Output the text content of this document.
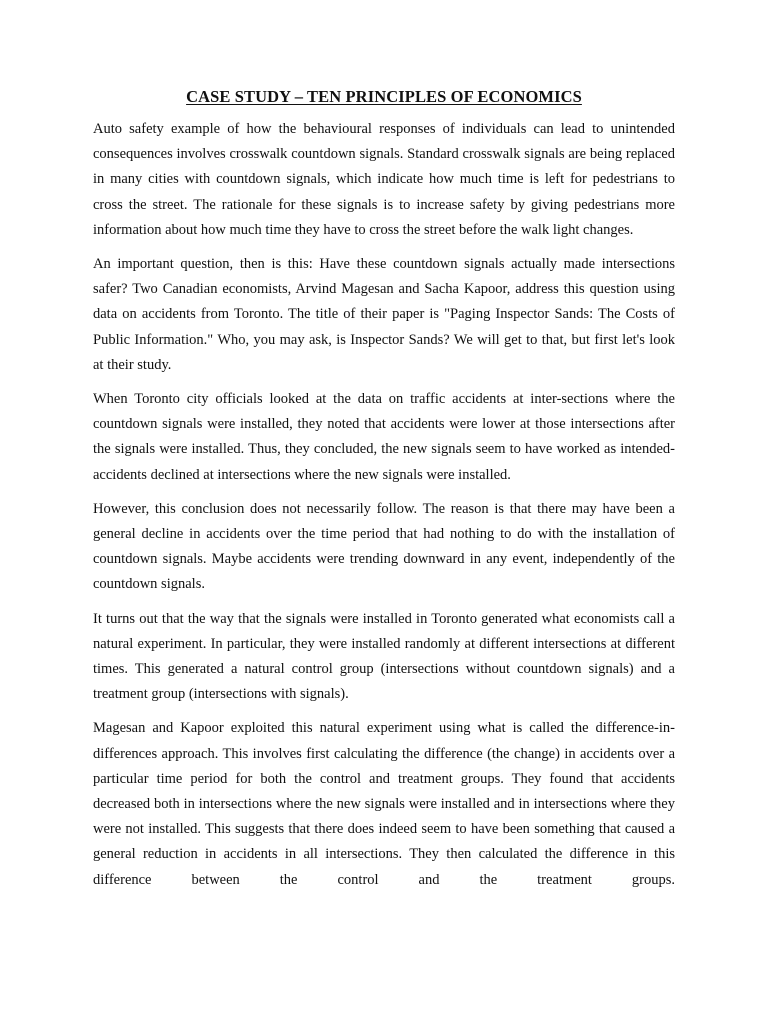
CASE STUDY – TEN PRINCIPLES OF ECONOMICS

Auto safety example of how the behavioural responses of individuals can lead to unintended consequences involves crosswalk countdown signals. Standard crosswalk signals are being replaced in many cities with countdown signals, which indicate how much time is left for pedestrians to cross the street. The rationale for these signals is to increase safety by giving pedestrians more information about how much time they have to cross the street before the walk light changes.

An important question, then is this: Have these countdown signals actually made intersections safer? Two Canadian economists, Arvind Magesan and Sacha Kapoor, address this question using data on accidents from Toronto. The title of their paper is "Paging Inspector Sands: The Costs of Public Information." Who, you may ask, is Inspector Sands? We will get to that, but first let's look at their study.

When Toronto city officials looked at the data on traffic accidents at inter-sections where the countdown signals were installed, they noted that accidents were lower at those intersections after the signals were installed. Thus, they concluded, the new signals seem to have worked as intended-accidents declined at intersections where the new signals were installed.

However, this conclusion does not necessarily follow. The reason is that there may have been a general decline in accidents over the time period that had nothing to do with the installation of countdown signals. Maybe accidents were trending downward in any event, independently of the countdown signals.

It turns out that the way that the signals were installed in Toronto generated what economists call a natural experiment. In particular, they were installed randomly at different intersections at different times. This generated a natural control group (intersections without countdown signals) and a treatment group (intersections with signals).

Magesan and Kapoor exploited this natural experiment using what is called the difference-in-differences approach. This involves first calculating the difference (the change) in accidents over a particular time period for both the control and treatment groups. They found that accidents decreased both in intersections where the new signals were installed and in intersections where they were not installed. This suggests that there does indeed seem to have been something that caused a general reduction in accidents in all intersections. They then calculated the difference in this difference between the control and the treatment groups.
